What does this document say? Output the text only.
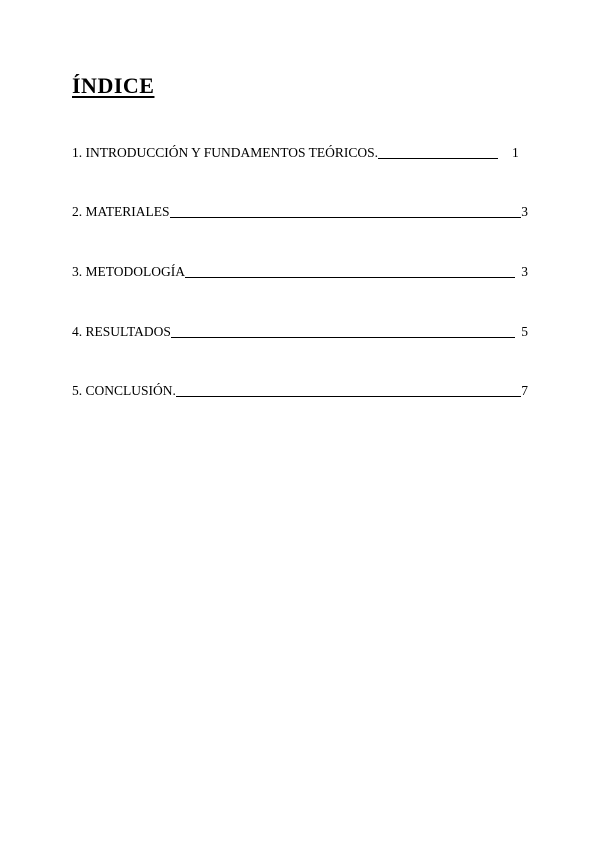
ÍNDICE
1. INTRODUCCIÓN Y FUNDAMENTOS TEÓRICOS.	1
2. MATERIALES	3
3. METODOLOGÍA	3
4. RESULTADOS	5
5. CONCLUSIÓN.	7
